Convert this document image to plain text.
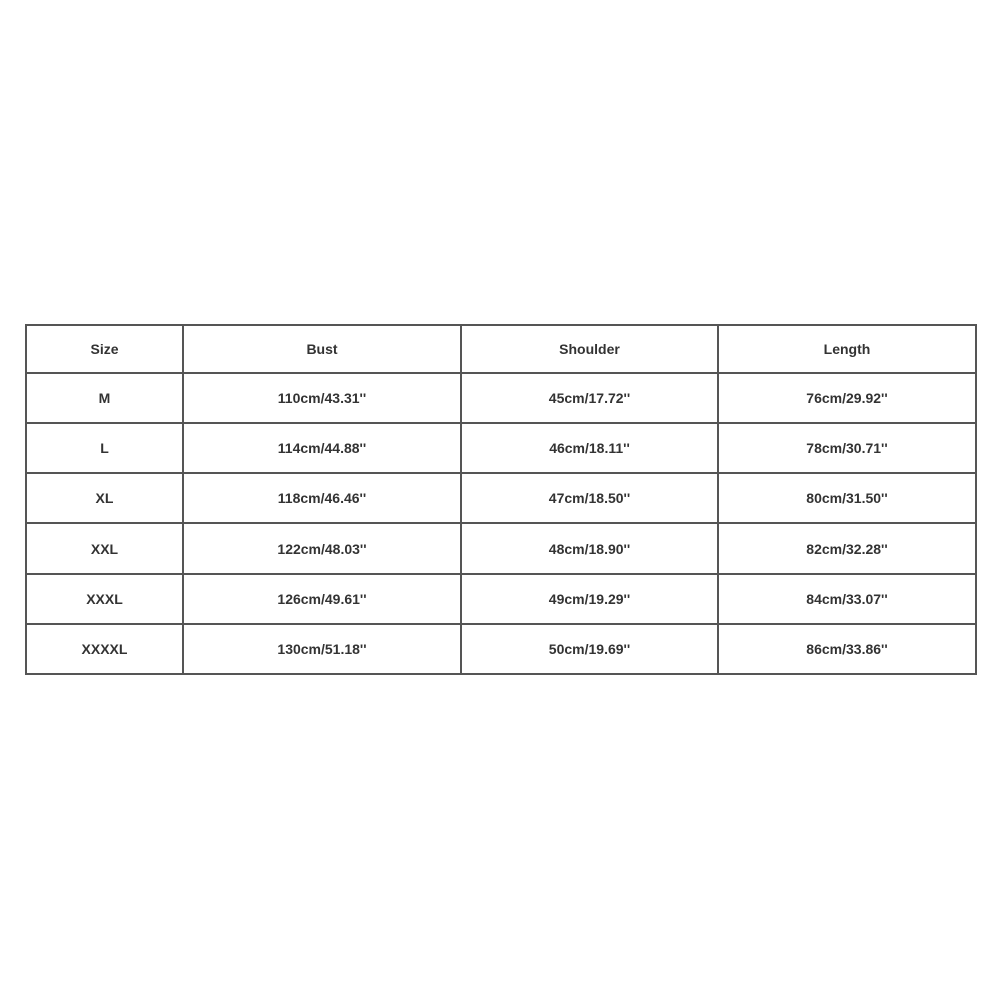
Size	Bust	Shoulder	Length
M	110cm/43.31''	45cm/17.72''	76cm/29.92''
L	114cm/44.88''	46cm/18.11''	78cm/30.71''
XL	118cm/46.46''	47cm/18.50''	80cm/31.50''
XXL	122cm/48.03''	48cm/18.90''	82cm/32.28''
XXXL	126cm/49.61''	49cm/19.29''	84cm/33.07''
XXXXL	130cm/51.18''	50cm/19.69''	86cm/33.86''
